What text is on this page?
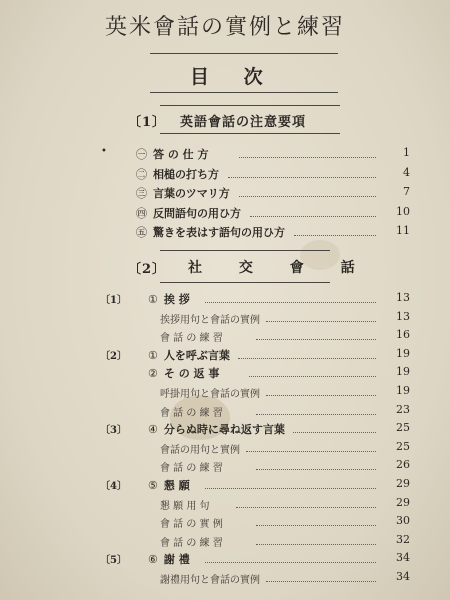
英米會話の實例と練習
目 次
〔1〕 英語會話の注意要項
•	㊀ 答 の 仕 方	1
㊁ 相槌の打ち方	4
㊂ 言葉のツマリ方	7
㊃ 反問語句の用ひ方	10
㊄ 驚きを表はす語句の用ひ方	11
〔2〕 社 交 會 話
〔1〕 ① 挨 拶	13
挨拶用句と會話の實例	13
會 話 の 練 習	16
〔2〕 ① 人を呼ぶ言葉	19
② そ の 返 事	19
呼掛用句と會話の實例	19
會 話 の 練 習	23
〔3〕 ④ 分らぬ時に尋ね返す言葉	25
會話の用句と實例	25
會 話 の 練 習	26
〔4〕 ⑤ 懇 願	29
懇 願 用 句	29
會 話 の 實 例	30
會 話 の 練 習	32
〔5〕 ⑥ 謝 禮	34
謝禮用句と會話の實例	34
